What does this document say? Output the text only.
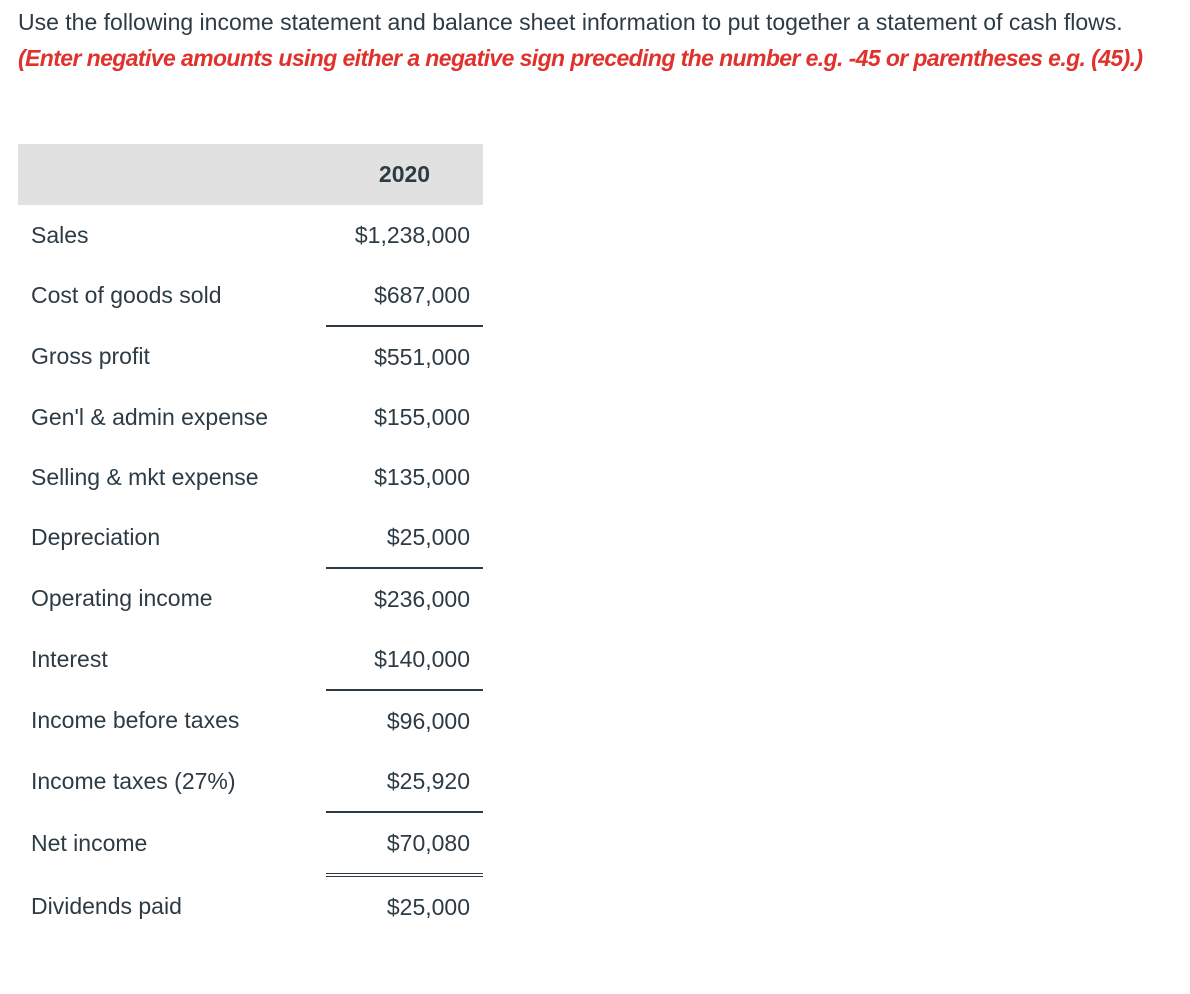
Use the following income statement and balance sheet information to put together a statement of cash flows. (Enter negative amounts using either a negative sign preceding the number e.g. -45 or parentheses e.g. (45).)

	2020
Sales	$1,238,000
Cost of goods sold	$687,000
Gross profit	$551,000
Gen'l & admin expense	$155,000
Selling & mkt expense	$135,000
Depreciation	$25,000
Operating income	$236,000
Interest	$140,000
Income before taxes	$96,000
Income taxes (27%)	$25,920
Net income	$70,080
Dividends paid	$25,000
